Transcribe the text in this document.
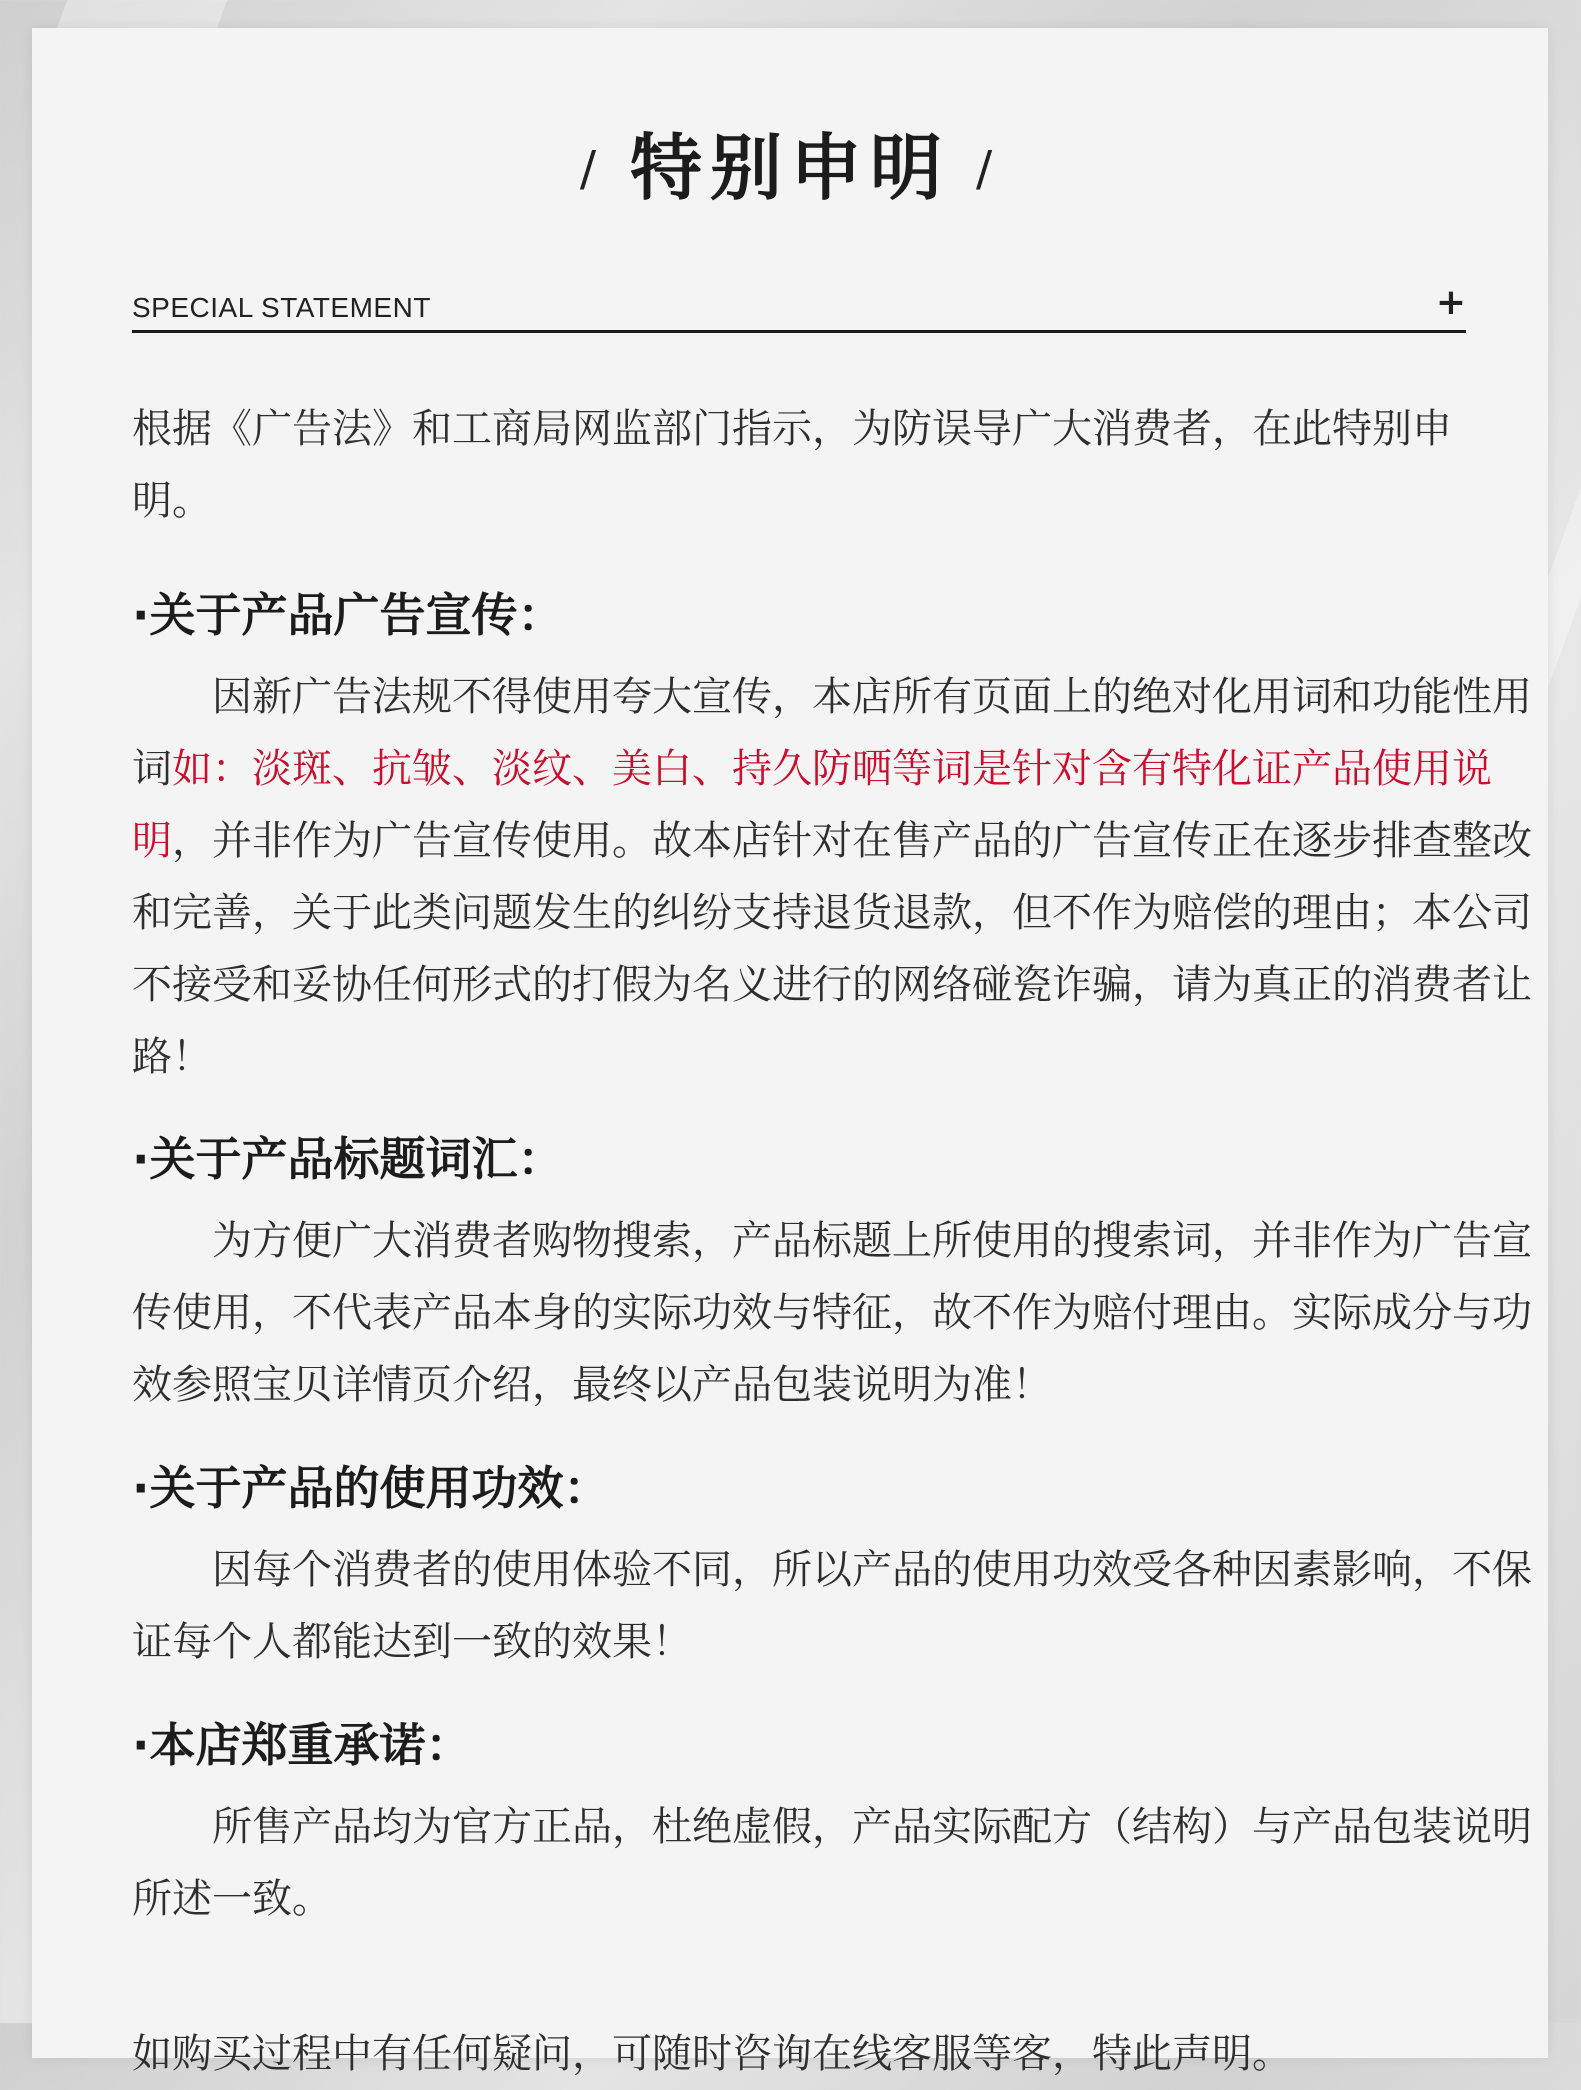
/ 特别申明 /
SPECIAL STATEMENT	+

根据《广告法》和工商局网监部门指示，为防误导广大消费者，在此特别申明。

·关于产品广告宣传：

因新广告法规不得使用夸大宣传，本店所有页面上的绝对化用词和功能性用词如：淡斑、抗皱、淡纹、美白、持久防晒等词是针对含有特化证产品使用说明，并非作为广告宣传使用。故本店针对在售产品的广告宣传正在逐步排查整改和完善，关于此类问题发生的纠纷支持退货退款，但不作为赔偿的理由；本公司不接受和妥协任何形式的打假为名义进行的网络碰瓷诈骗，请为真正的消费者让路！

·关于产品标题词汇：

为方便广大消费者购物搜索，产品标题上所使用的搜索词，并非作为广告宣传使用，不代表产品本身的实际功效与特征，故不作为赔付理由。实际成分与功效参照宝贝详情页介绍，最终以产品包装说明为准！

·关于产品的使用功效：

因每个消费者的使用体验不同，所以产品的使用功效受各种因素影响，不保证每个人都能达到一致的效果！

·本店郑重承诺：

所售产品均为官方正品，杜绝虚假，产品实际配方（结构）与产品包装说明所述一致。

如购买过程中有任何疑问，可随时咨询在线客服等客，特此声明。
